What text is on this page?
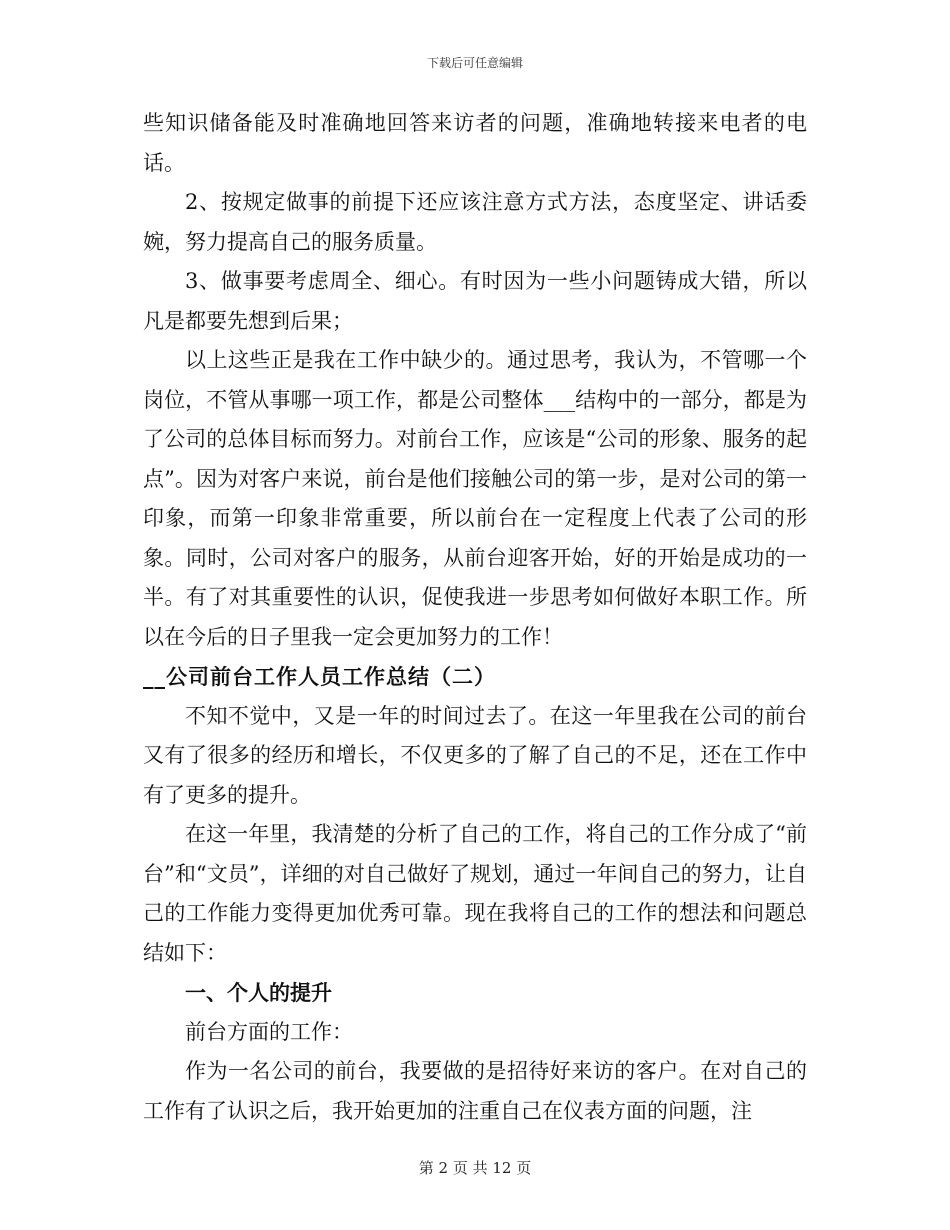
下载后可任意编辑

些知识储备能及时准确地回答来访者的问题，准确地转接来电者的电话。

2、按规定做事的前提下还应该注意方式方法，态度坚定、讲话委婉，努力提高自己的服务质量。

3、做事要考虑周全、细心。有时因为一些小问题铸成大错，所以凡是都要先想到后果；

以上这些正是我在工作中缺少的。通过思考，我认为，不管哪一个岗位，不管从事哪一项工作，都是公司整体___结构中的一部分，都是为了公司的总体目标而努力。对前台工作，应该是“公司的形象、服务的起点”。因为对客户来说，前台是他们接触公司的第一步，是对公司的第一印象，而第一印象非常重要，所以前台在一定程度上代表了公司的形象。同时，公司对客户的服务，从前台迎客开始，好的开始是成功的一半。有了对其重要性的认识，促使我进一步思考如何做好本职工作。所以在今后的日子里我一定会更加努力的工作！

__公司前台工作人员工作总结（二）

不知不觉中，又是一年的时间过去了。在这一年里我在公司的前台又有了很多的经历和增长，不仅更多的了解了自己的不足，还在工作中有了更多的提升。

在这一年里，我清楚的分析了自己的工作，将自己的工作分成了“前台”和“文员”，详细的对自己做好了规划，通过一年间自己的努力，让自己的工作能力变得更加优秀可靠。现在我将自己的工作的想法和问题总结如下：

一、个人的提升

前台方面的工作：

作为一名公司的前台，我要做的是招待好来访的客户。在对自己的工作有了认识之后，我开始更加的注重自己在仪表方面的问题，注

第 2 页 共 12 页
